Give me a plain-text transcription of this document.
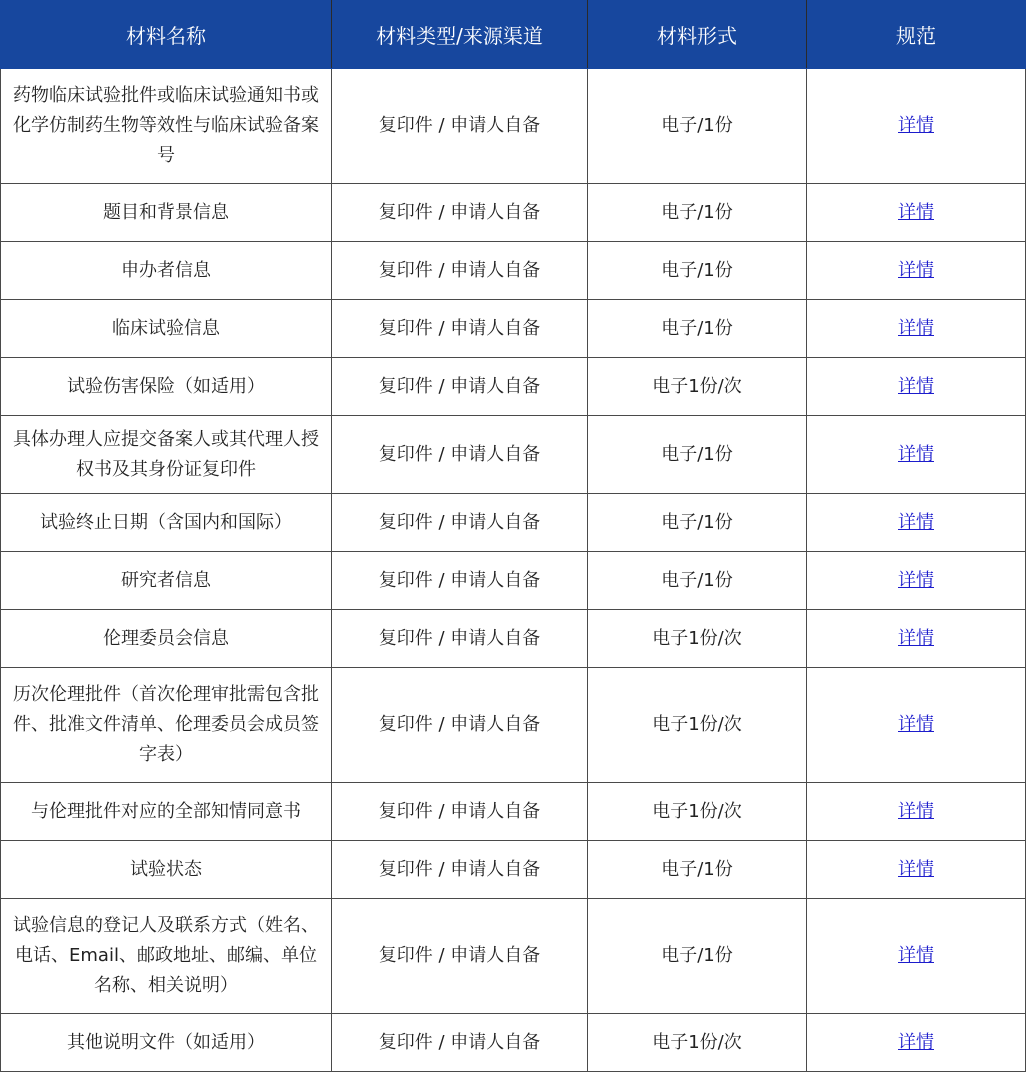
材料名称	材料类型/来源渠道	材料形式	规范
药物临床试验批件或临床试验通知书或化学仿制药生物等效性与临床试验备案号	复印件 / 申请人自备	电子/1份	详情
题目和背景信息	复印件 / 申请人自备	电子/1份	详情
申办者信息	复印件 / 申请人自备	电子/1份	详情
临床试验信息	复印件 / 申请人自备	电子/1份	详情
试验伤害保险（如适用）	复印件 / 申请人自备	电子1份/次	详情
具体办理人应提交备案人或其代理人授权书及其身份证复印件	复印件 / 申请人自备	电子/1份	详情
试验终止日期（含国内和国际）	复印件 / 申请人自备	电子/1份	详情
研究者信息	复印件 / 申请人自备	电子/1份	详情
伦理委员会信息	复印件 / 申请人自备	电子1份/次	详情
历次伦理批件（首次伦理审批需包含批件、批准文件清单、伦理委员会成员签字表）	复印件 / 申请人自备	电子1份/次	详情
与伦理批件对应的全部知情同意书	复印件 / 申请人自备	电子1份/次	详情
试验状态	复印件 / 申请人自备	电子/1份	详情
试验信息的登记人及联系方式（姓名、电话、Email、邮政地址、邮编、单位名称、相关说明）	复印件 / 申请人自备	电子/1份	详情
其他说明文件（如适用）	复印件 / 申请人自备	电子1份/次	详情
